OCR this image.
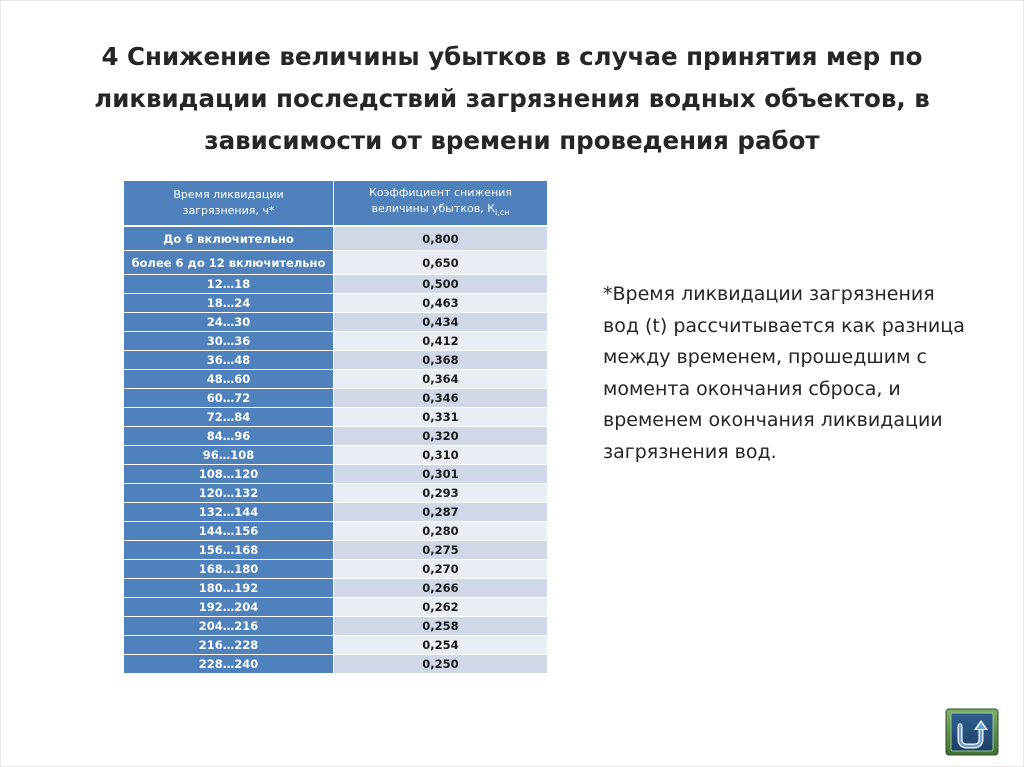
4 Снижение величины убытков в случае принятия мер по
ликвидации последствий загрязнения водных объектов, в
зависимости от времени проведения работ
Время ликвидации
загрязнения, ч*	Коэффициент снижения
величины убытков, $К_{i,сн}$
До 6 включительно	0,800
более 6 до 12 включительно	0,650
12…18	0,500
18…24	0,463
24…30	0,434
30…36	0,412
36…48	0,368
48…60	0,364
60…72	0,346
72…84	0,331
84…96	0,320
96…108	0,310
108…120	0,301
120…132	0,293
132…144	0,287
144…156	0,280
156…168	0,275
168…180	0,270
180…192	0,266
192…204	0,262
204…216	0,258
216…228	0,254
228…240	0,250
*Время ликвидации загрязнения
вод (t) рассчитывается как разница
между временем, прошедшим с
момента окончания сброса, и
временем окончания ликвидации
загрязнения вод.
